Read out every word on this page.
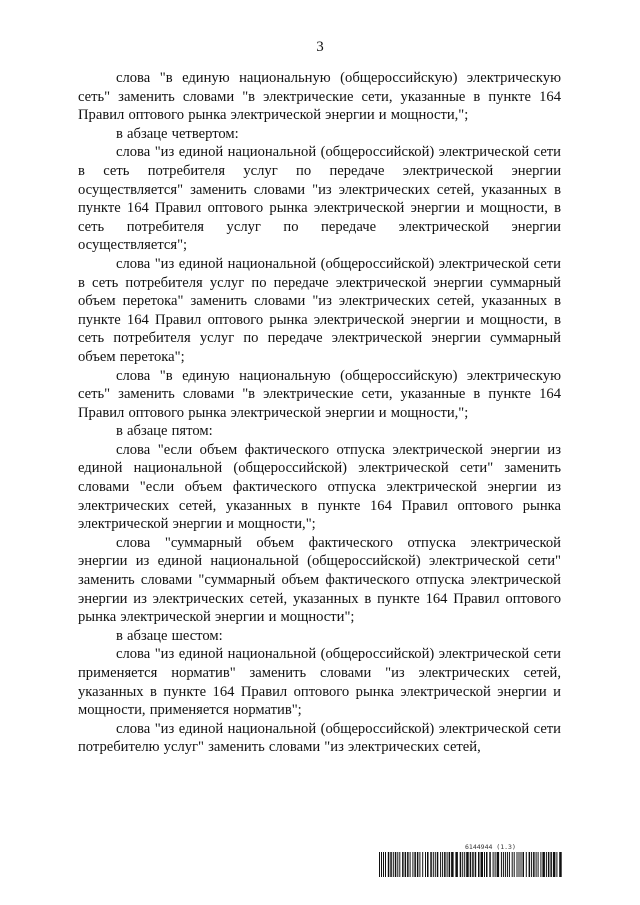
3

слова "в единую национальную (общероссийскую) электрическую сеть" заменить словами "в электрические сети, указанные в пункте 164 Правил оптового рынка электрической энергии и мощности,";

в абзаце четвертом:

слова "из единой национальной (общероссийской) электрической сети в сеть потребителя услуг по передаче электрической энергии осуществляется" заменить словами "из электрических сетей, указанных в пункте 164 Правил оптового рынка электрической энергии и мощности, в сеть потребителя услуг по передаче электрической энергии осуществляется";

слова "из единой национальной (общероссийской) электрической сети в сеть потребителя услуг по передаче электрической энергии суммарный объем перетока" заменить словами "из электрических сетей, указанных в пункте 164 Правил оптового рынка электрической энергии и мощности, в сеть потребителя услуг по передаче электрической энергии суммарный объем перетока";

слова "в единую национальную (общероссийскую) электрическую сеть" заменить словами "в электрические сети, указанные в пункте 164 Правил оптового рынка электрической энергии и мощности,";

в абзаце пятом:

слова "если объем фактического отпуска электрической энергии из единой национальной (общероссийской) электрической сети" заменить словами "если объем фактического отпуска электрической энергии из электрических сетей, указанных в пункте 164 Правил оптового рынка электрической энергии и мощности,";

слова "суммарный объем фактического отпуска электрической энергии из единой национальной (общероссийской) электрической сети" заменить словами "суммарный объем фактического отпуска электрической энергии из электрических сетей, указанных в пункте 164 Правил оптового рынка электрической энергии и мощности";

в абзаце шестом:

слова "из единой национальной (общероссийской) электрической сети применяется норматив" заменить словами "из электрических сетей, указанных в пункте 164 Правил оптового рынка электрической энергии и мощности, применяется норматив";

слова "из единой национальной (общероссийской) электрической сети потребителю услуг" заменить словами "из электрических сетей,

6144944 (1.3)
